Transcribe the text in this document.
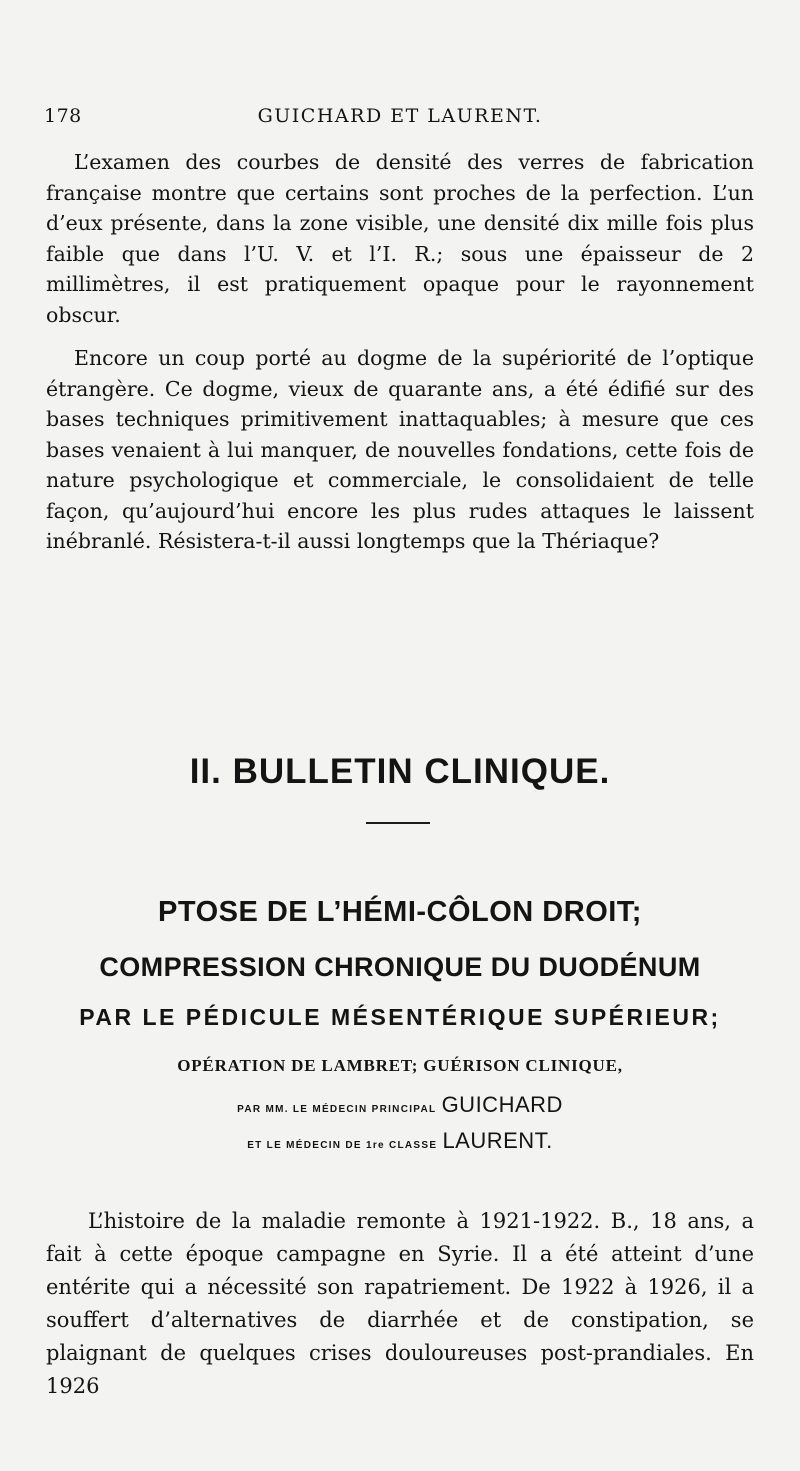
178	GUICHARD ET LAURENT.

L’examen des courbes de densité des verres de fabrication française montre que certains sont proches de la perfection. L’un d’eux présente, dans la zone visible, une densité dix mille fois plus faible que dans l’U. V. et l’I. R.; sous une épaisseur de 2 millimètres, il est pratiquement opaque pour le rayonnement obscur.

Encore un coup porté au dogme de la supériorité de l’optique étrangère. Ce dogme, vieux de quarante ans, a été édifié sur des bases techniques primitivement inattaquables; à mesure que ces bases venaient à lui manquer, de nouvelles fondations, cette fois de nature psychologique et commerciale, le consolidaient de telle façon, qu’aujourd’hui encore les plus rudes attaques le laissent inébranlé. Résistera-t-il aussi longtemps que la Thériaque?

II. BULLETIN CLINIQUE.
PTOSE DE L’HÉMI-CÔLON DROIT;
COMPRESSION CHRONIQUE DU DUODÉNUM
PAR LE PÉDICULE MÉSENTÉRIQUE SUPÉRIEUR;
OPÉRATION DE LAMBRET; GUÉRISON CLINIQUE,
PAR MM. LE MÉDECIN PRINCIPAL GUICHARD
ET LE MÉDECIN DE 1re CLASSE LAURENT.

L’histoire de la maladie remonte à 1921-1922. B., 18 ans, a fait à cette époque campagne en Syrie. Il a été atteint d’une entérite qui a nécessité son rapatriement. De 1922 à 1926, il a souffert d’alternatives de diarrhée et de constipation, se plaignant de quelques crises douloureuses post-prandiales. En 1926
